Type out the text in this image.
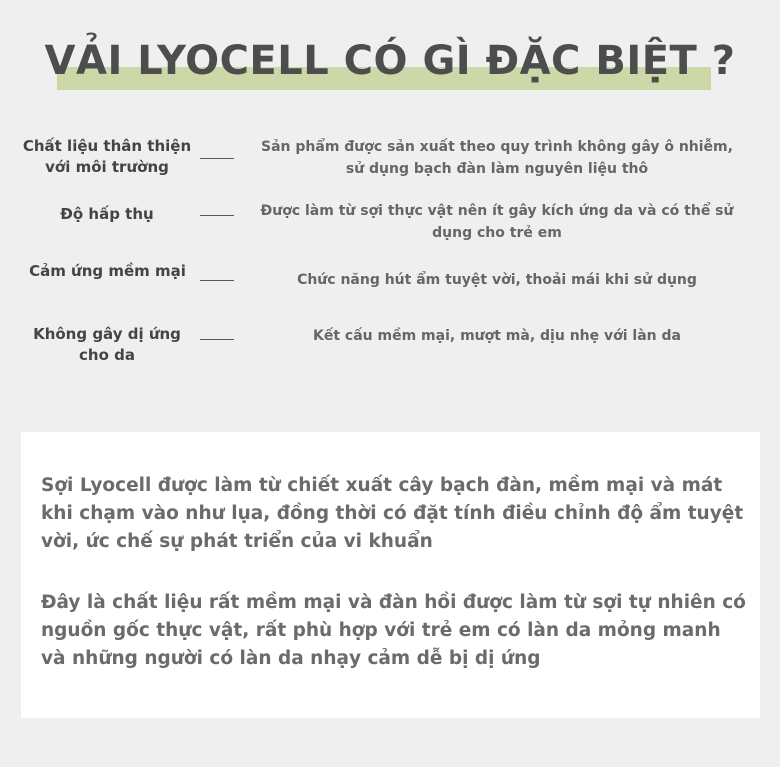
VẢI LYOCELL CÓ GÌ ĐẶC BIỆT ?
Chất liệu thân thiện với môi trường
Sản phẩm được sản xuất theo quy trình không gây ô nhiễm, sử dụng bạch đàn làm nguyên liệu thô
Độ hấp thụ	Được làm từ sợi thực vật nên ít gây kích ứng da và có thể sử dụng cho trẻ em
Cảm ứng mềm mại	Chức năng hút ẩm tuyệt vời, thoải mái khi sử dụng
Không gây dị ứng cho da
Kết cấu mềm mại, mượt mà, dịu nhẹ với làn da
Sợi Lyocell được làm từ chiết xuất cây bạch đàn, mềm mại và mát khi chạm vào như lụa, đồng thời có đặt tính điều chỉnh độ ẩm tuyệt vời, ức chế sự phát triển của vi khuẩn
Đây là chất liệu rất mềm mại và đàn hồi được làm từ sợi tự nhiên có nguồn gốc thực vật, rất phù hợp với trẻ em có làn da mỏng manh và những người có làn da nhạy cảm dễ bị dị ứng
